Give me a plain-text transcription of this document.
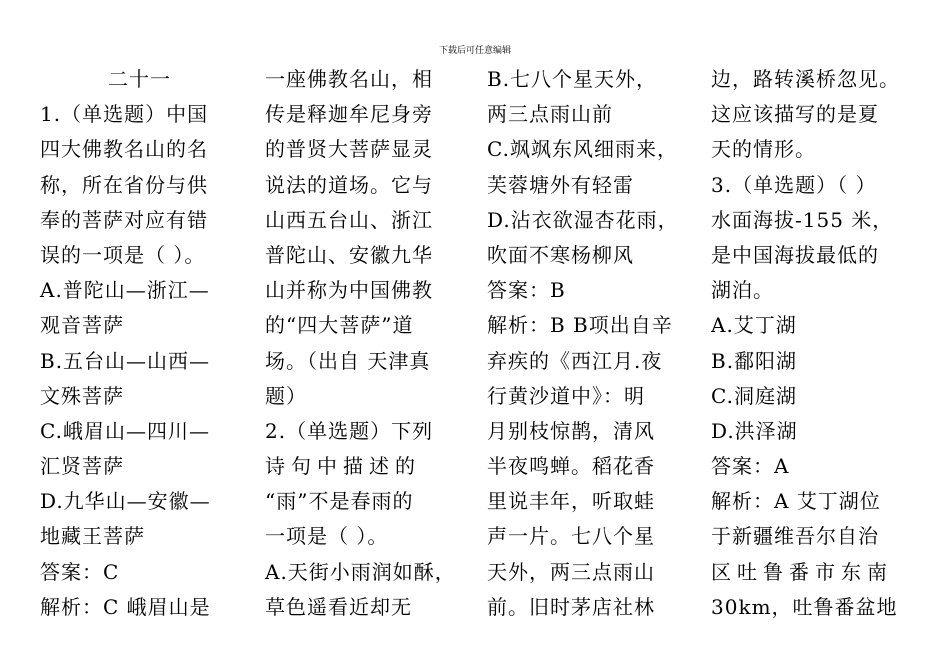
下载后可任意编辑
二十一
1.（单选题）中国
四大佛教名山的名
称，所在省份与供
奉的菩萨对应有错
误的一项是（ ）。
A.普陀山—浙江—
观音菩萨
B.五台山—山西—
文殊菩萨
C.峨眉山—四川—
汇贤菩萨
D.九华山—安徽—
地藏王菩萨
答案：C
解析：C 峨眉山是
一座佛教名山，相
传是释迦牟尼身旁
的普贤大菩萨显灵
说法的道场。它与
山西五台山、浙江
普陀山、安徽九华
山并称为中国佛教
的“四大菩萨”道
场。（出自 天津真
题）
2.（单选题）下列
诗句中描述的
“雨”不是春雨的
一项是（ ）。
A.天街小雨润如酥，
草色遥看近却无
B.七八个星天外，
两三点雨山前
C.飒飒东风细雨来，
芙蓉塘外有轻雷
D.沾衣欲湿杏花雨，
吹面不寒杨柳风
答案：B
解析：B B项出自辛
弃疾的《西江月.夜
行黄沙道中》：明
月别枝惊鹊，清风
半夜鸣蝉。稻花香
里说丰年，听取蛙
声一片。七八个星
天外，两三点雨山
前。旧时茅店社林
边，路转溪桥忽见。
这应该描写的是夏
天的情形。
3.（单选题）（ ）
水面海拔-155 米，
是中国海拔最低的
湖泊。
A.艾丁湖
B.鄱阳湖
C.洞庭湖
D.洪泽湖
答案：A
解析：A 艾丁湖位
于新疆维吾尔自治
区吐鲁番市东南
30km，吐鲁番盆地
